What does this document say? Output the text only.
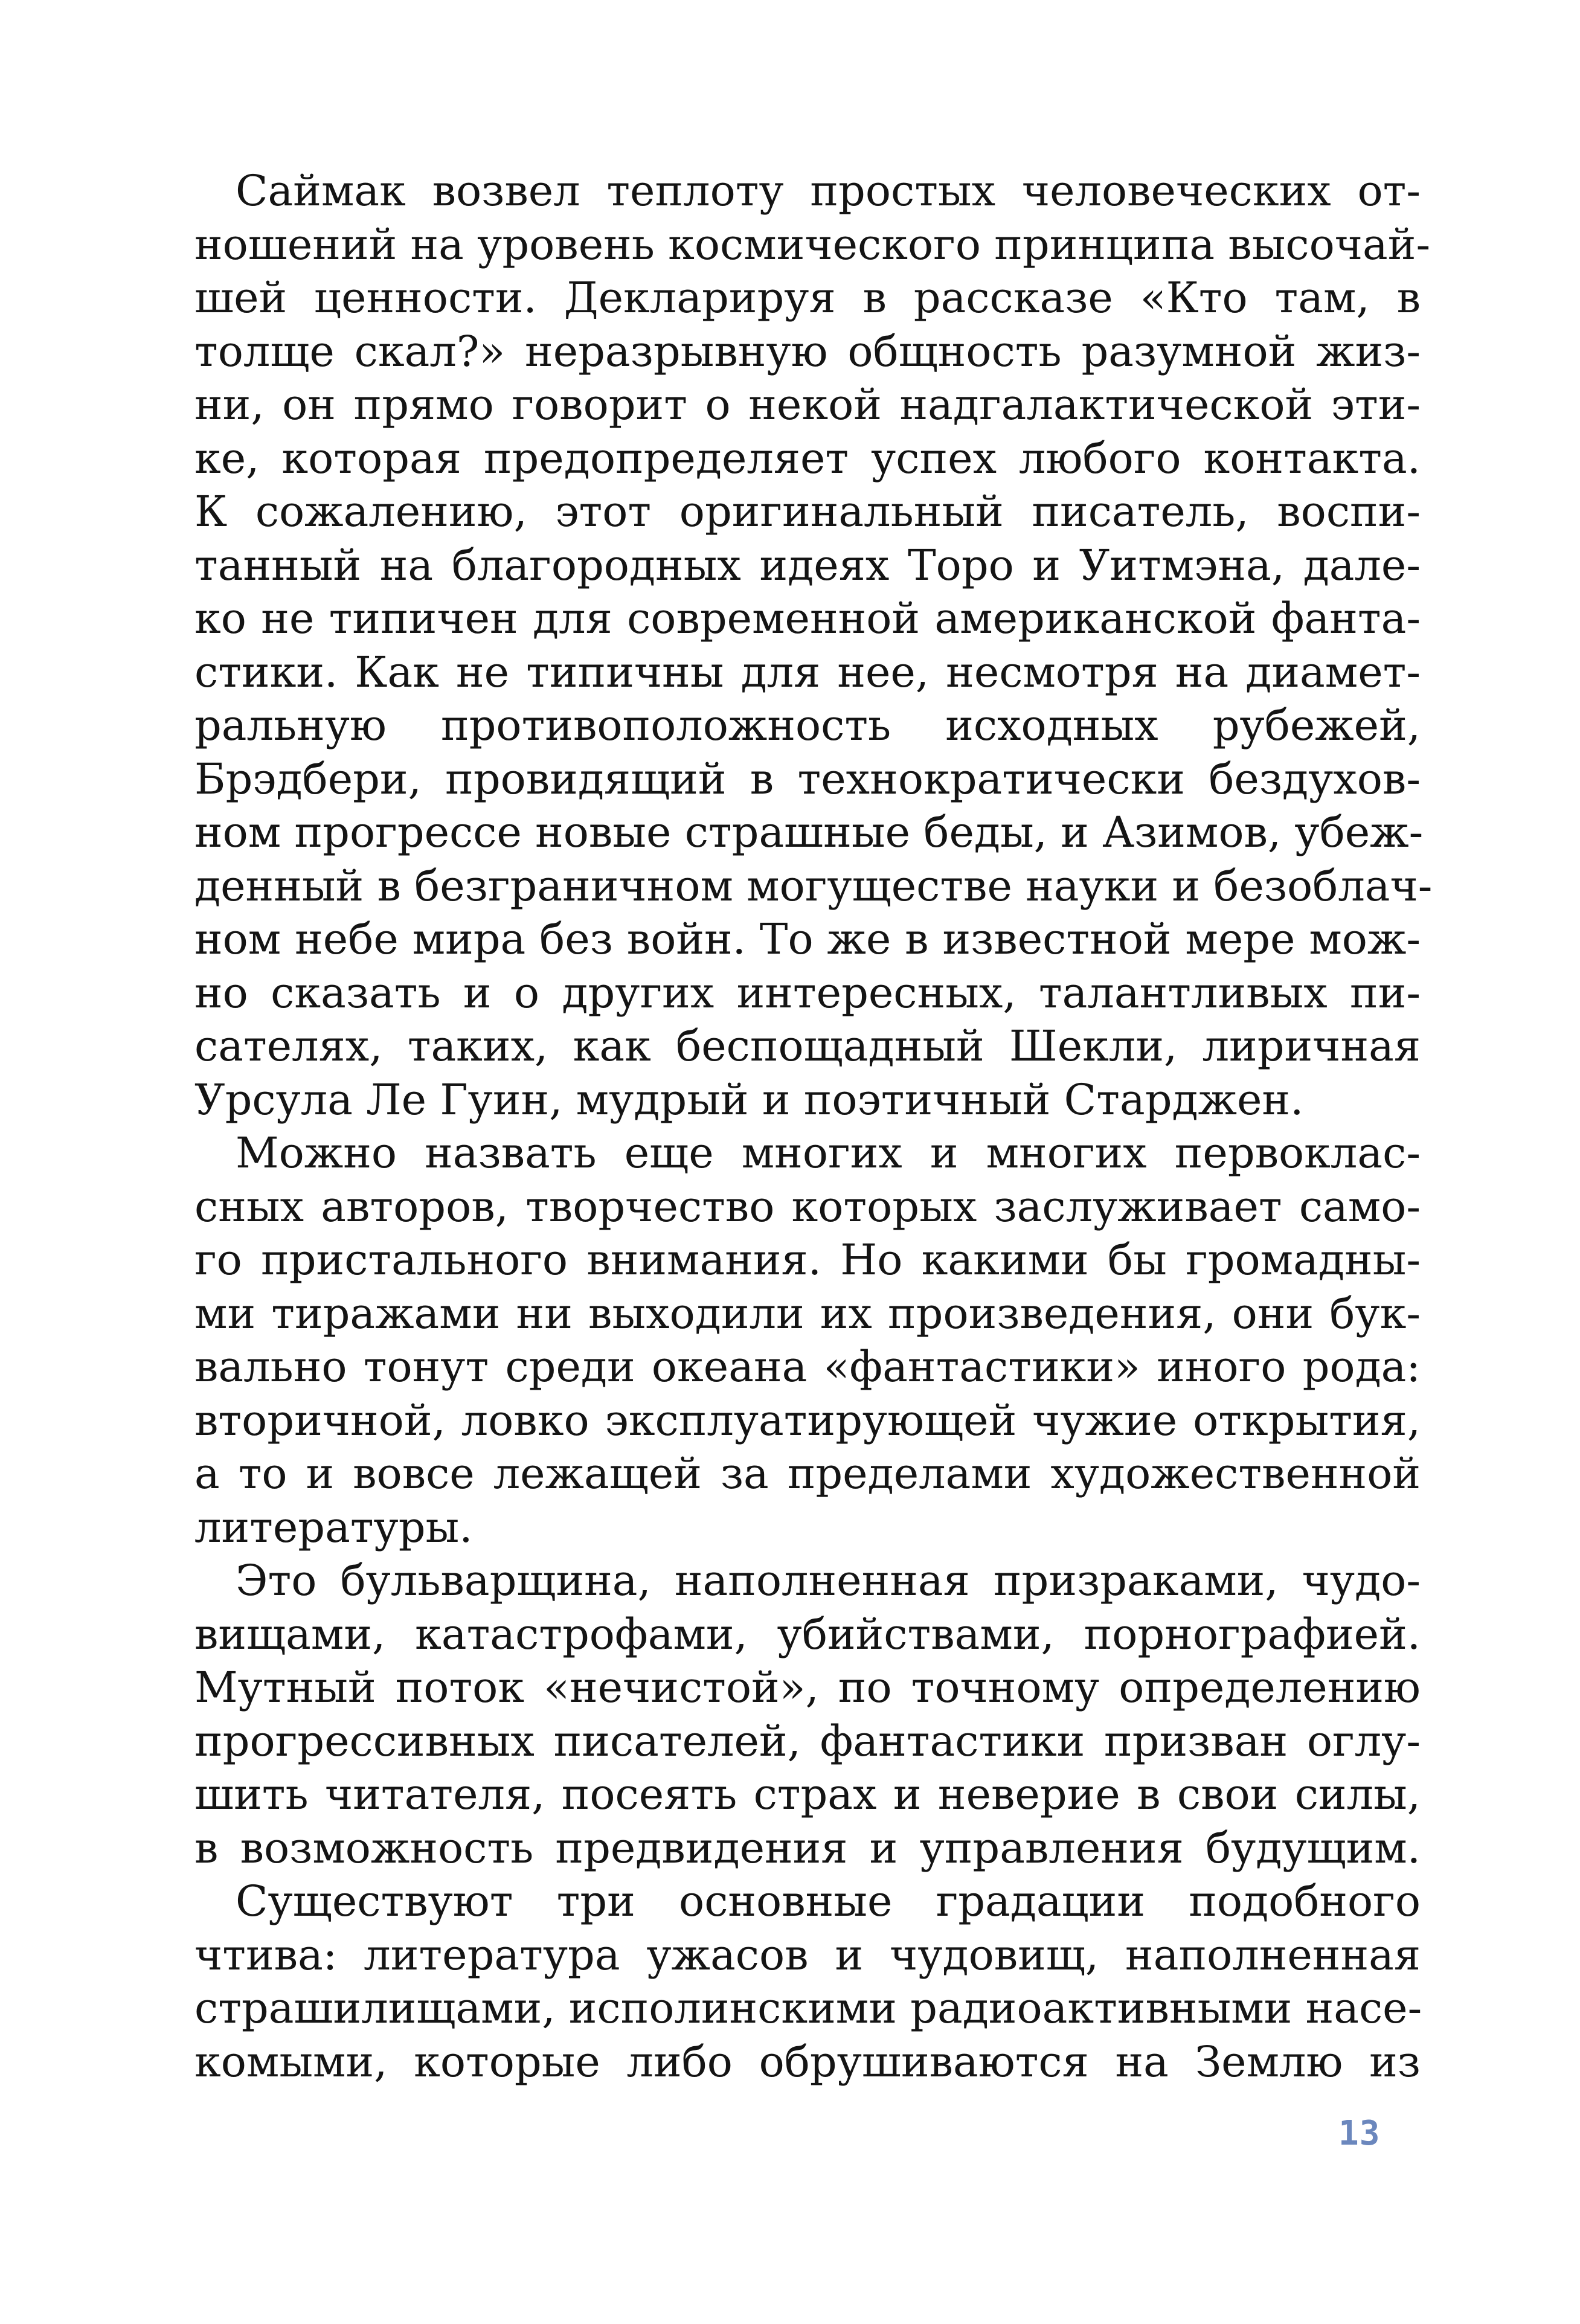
Саймак возвел теплоту простых человеческих от-
ношений на уровень космического принципа высочай-
шей ценности. Декларируя в рассказе «Кто там, в
толще скал?» неразрывную общность разумной жиз-
ни, он прямо говорит о некой надгалактической эти-
ке, которая предопределяет успех любого контакта.
К сожалению, этот оригинальный писатель, воспи-
танный на благородных идеях Торо и Уитмэна, дале-
ко не типичен для современной американской фанта-
стики. Как не типичны для нее, несмотря на диамет-
ральную противоположность исходных рубежей,
Брэдбери, провидящий в технократически бездухов-
ном прогрессе новые страшные беды, и Азимов, убеж-
денный в безграничном могуществе науки и безоблач-
ном небе мира без войн. То же в известной мере мож-
но сказать и о других интересных, талантливых пи-
сателях, таких, как беспощадный Шекли, лиричная
Урсула Ле Гуин, мудрый и поэтичный Старджен.
Можно назвать еще многих и многих первоклас-
сных авторов, творчество которых заслуживает само-
го пристального внимания. Но какими бы громадны-
ми тиражами ни выходили их произведения, они бук-
вально тонут среди океана «фантастики» иного рода:
вторичной, ловко эксплуатирующей чужие открытия,
а то и вовсе лежащей за пределами художественной
литературы.
Это бульварщина, наполненная призраками, чудо-
вищами, катастрофами, убийствами, порнографией.
Мутный поток «нечистой», по точному определению
прогрессивных писателей, фантастики призван оглу-
шить читателя, посеять страх и неверие в свои силы,
в возможность предвидения и управления будущим.
Существуют три основные градации подобного
чтива: литература ужасов и чудовищ, наполненная
страшилищами, исполинскими радиоактивными насе-
комыми, которые либо обрушиваются на Землю из
13
